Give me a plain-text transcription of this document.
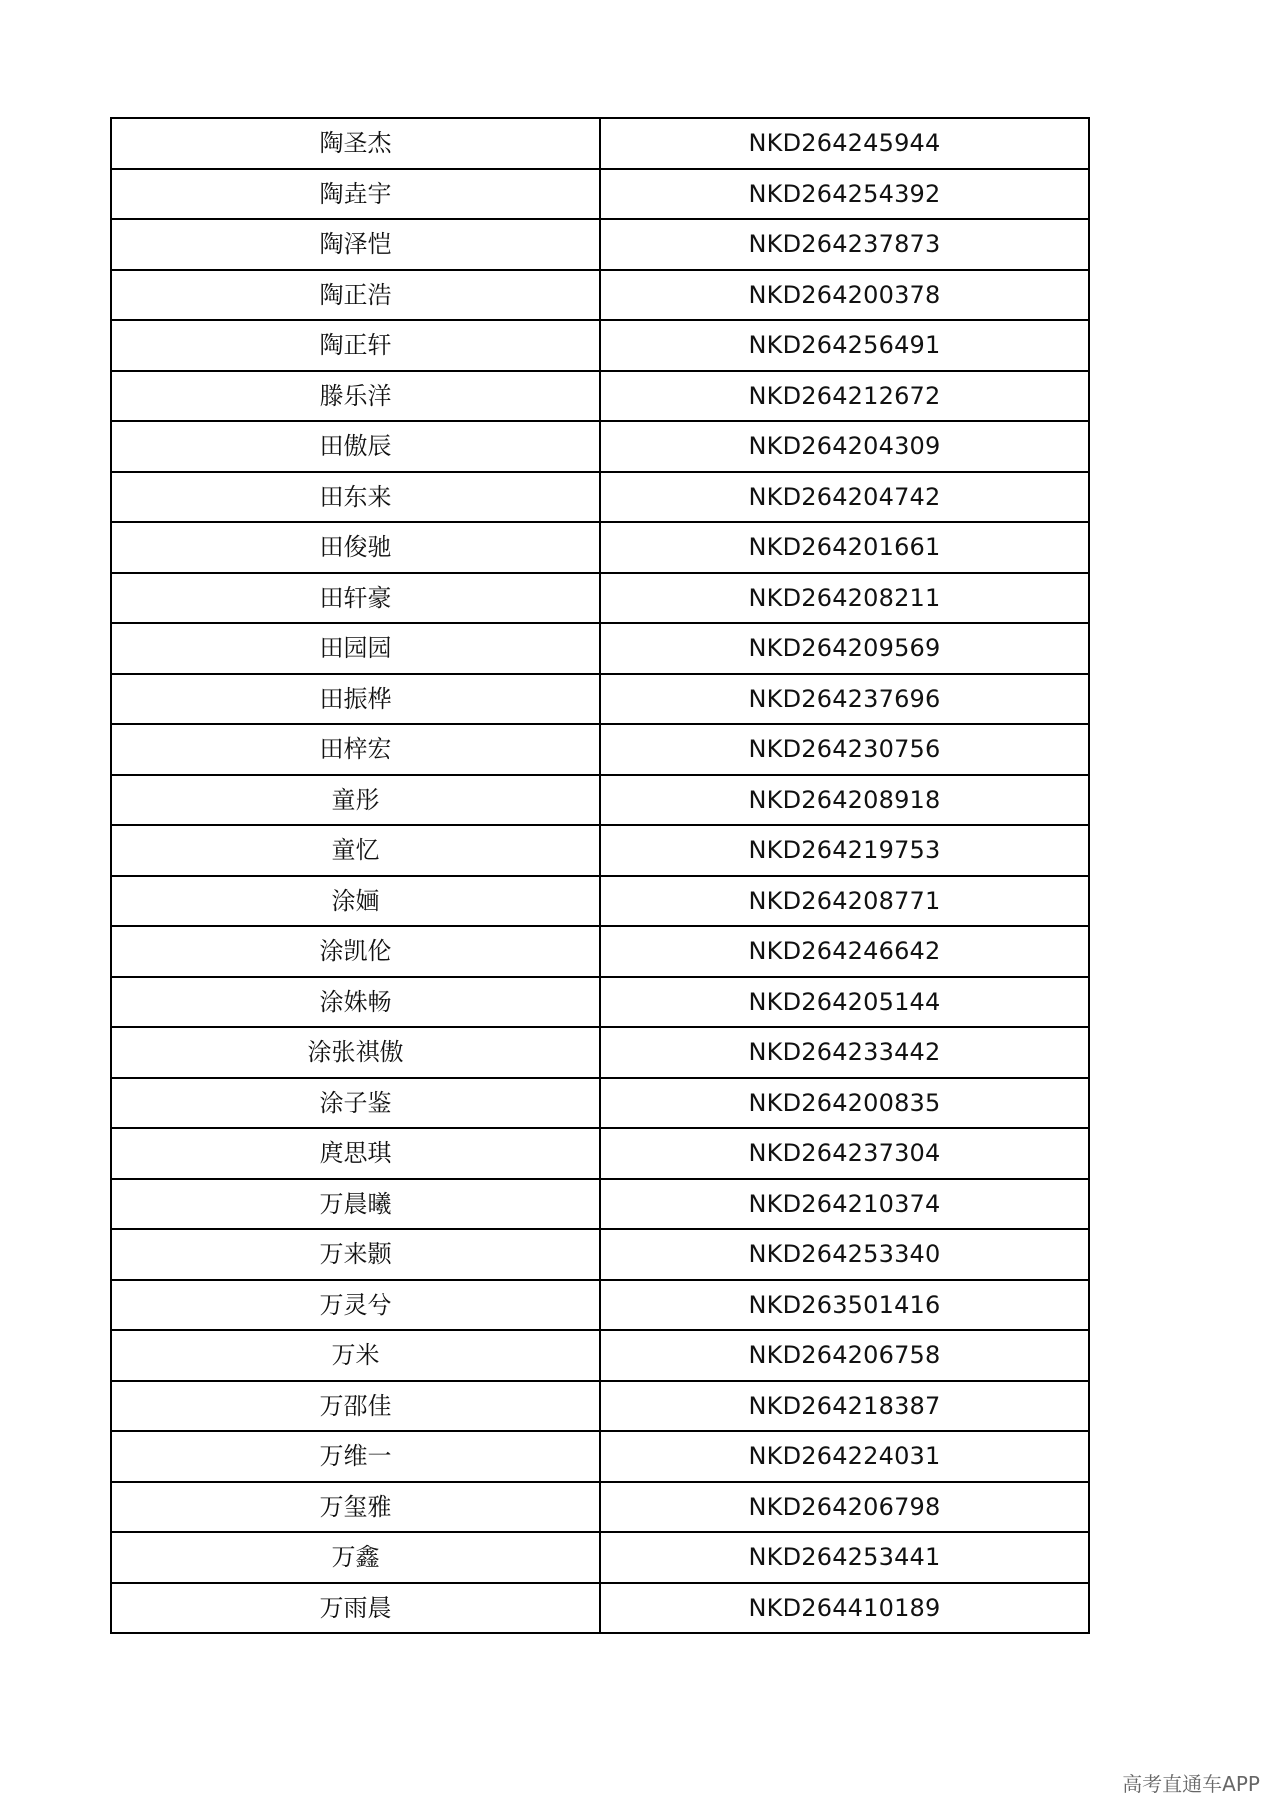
陶圣杰	NKD264245944
陶垚宇	NKD264254392
陶泽恺	NKD264237873
陶正浩	NKD264200378
陶正轩	NKD264256491
滕乐洋	NKD264212672
田傲辰	NKD264204309
田东来	NKD264204742
田俊驰	NKD264201661
田轩豪	NKD264208211
田园园	NKD264209569
田振桦	NKD264237696
田梓宏	NKD264230756
童彤	NKD264208918
童忆	NKD264219753
涂婳	NKD264208771
涂凯伦	NKD264246642
涂姝畅	NKD264205144
涂张祺傲	NKD264233442
涂子鉴	NKD264200835
庹思琪	NKD264237304
万晨曦	NKD264210374
万来颢	NKD264253340
万灵兮	NKD263501416
万米	NKD264206758
万邵佳	NKD264218387
万维一	NKD264224031
万玺雅	NKD264206798
万鑫	NKD264253441
万雨晨	NKD264410189
高考直通车APP
